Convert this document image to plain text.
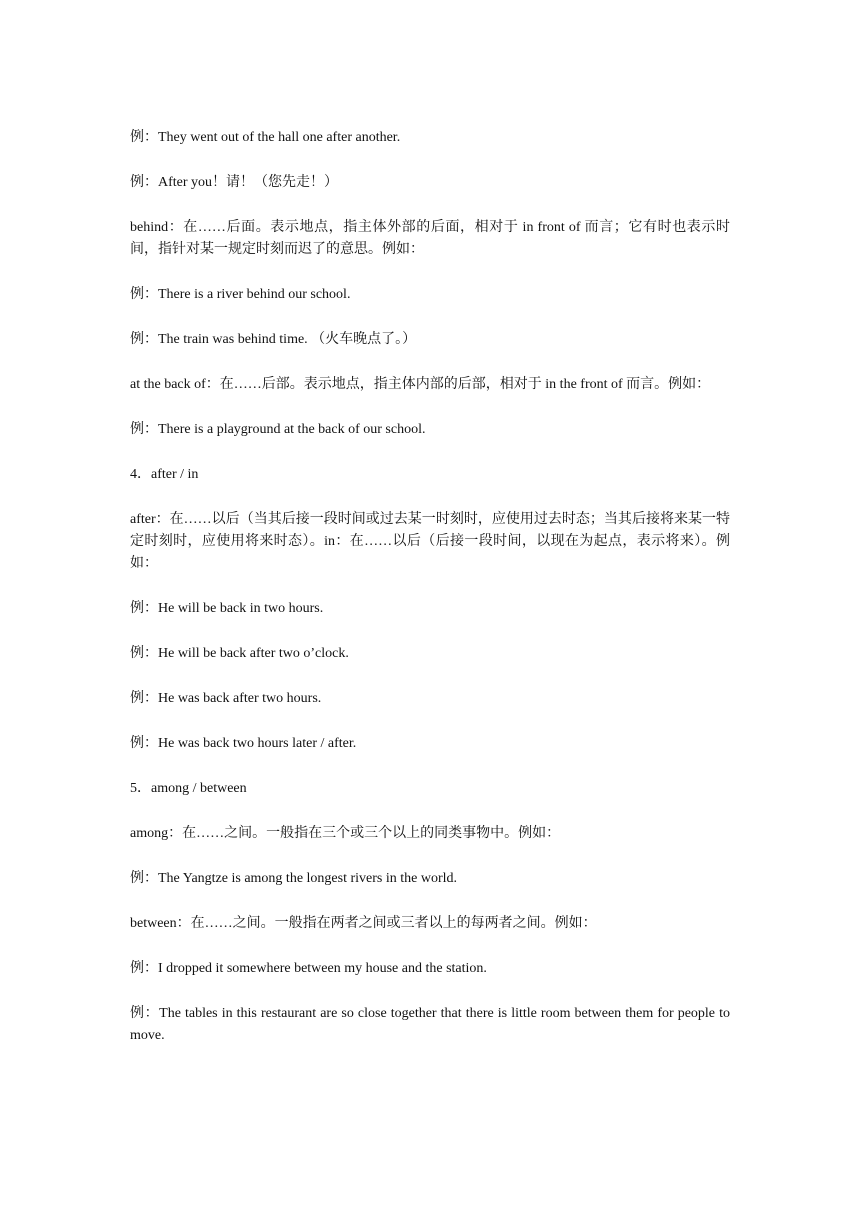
例：They went out of the hall one after another.

例：After you！请！（您先走！）

behind：在……后面。表示地点，指主体外部的后面，相对于 in front of 而言；它有时也表示时间，指针对某一规定时刻而迟了的意思。例如：

例：There is a river behind our school.

例：The train was behind time. （火车晚点了。）

at the back of：在……后部。表示地点，指主体内部的后部，相对于 in the front of 而言。例如：

例：There is a playground at the back of our school.

4．after / in

after：在……以后（当其后接一段时间或过去某一时刻时，应使用过去时态；当其后接将来某一特定时刻时，应使用将来时态）。in：在……以后（后接一段时间，以现在为起点，表示将来）。例如：

例：He will be back in two hours.

例：He will be back after two o’clock.

例：He was back after two hours.

例：He was back two hours later / after.

5．among / between

among：在……之间。一般指在三个或三个以上的同类事物中。例如：

例：The Yangtze is among the longest rivers in the world.

between：在……之间。一般指在两者之间或三者以上的每两者之间。例如：

例：I dropped it somewhere between my house and the station.

例：The tables in this restaurant are so close together that there is little room between them for people to move.
